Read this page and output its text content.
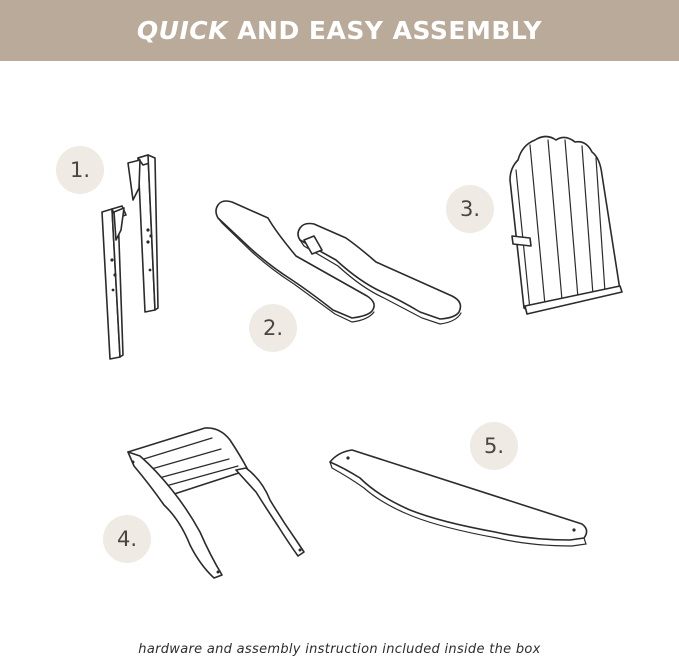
QUICK AND EASY ASSEMBLY
1.
2.
3.
4.
5.
hardware and assembly instruction included inside the box
